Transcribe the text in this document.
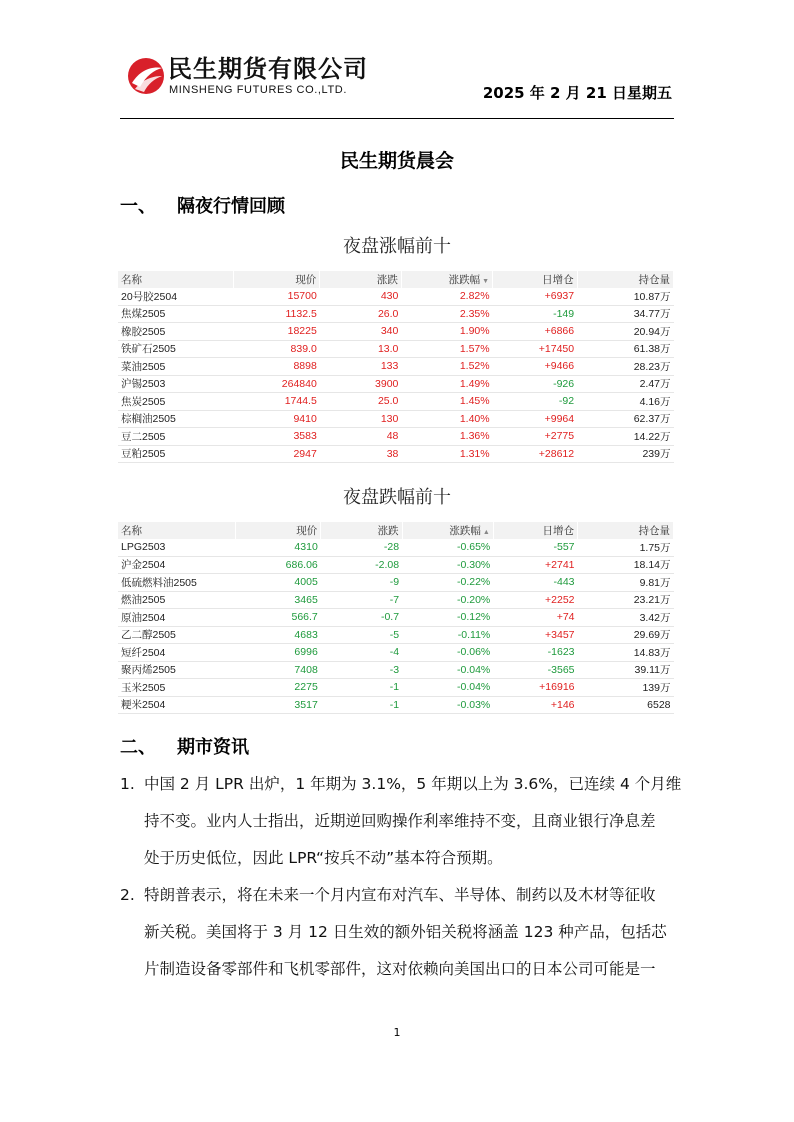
民生期货有限公司
MINSHENG FUTURES CO.,LTD.	2025 年 2 月 21 日星期五
民生期货晨会
一、 隔夜行情回顾
夜盘涨幅前十
名称	现价	涨跌	涨跌幅 ▼	日增仓	持仓量
20号胶2504	15700	430	2.82%	+6937	10.87万
焦煤2505	1132.5	26.0	2.35%	-149	34.77万
橡胶2505	18225	340	1.90%	+6866	20.94万
铁矿石2505	839.0	13.0	1.57%	+17450	61.38万
菜油2505	8898	133	1.52%	+9466	28.23万
沪锡2503	264840	3900	1.49%	-926	2.47万
焦炭2505	1744.5	25.0	1.45%	-92	4.16万
棕榈油2505	9410	130	1.40%	+9964	62.37万
豆二2505	3583	48	1.36%	+2775	14.22万
豆粕2505	2947	38	1.31%	+28612	239万
夜盘跌幅前十
名称	现价	涨跌	涨跌幅 ▲	日增仓	持仓量
LPG2503	4310	-28	-0.65%	-557	1.75万
沪金2504	686.06	-2.08	-0.30%	+2741	18.14万
低硫燃料油2505	4005	-9	-0.22%	-443	9.81万
燃油2505	3465	-7	-0.20%	+2252	23.21万
原油2504	566.7	-0.7	-0.12%	+74	3.42万
乙二醇2505	4683	-5	-0.11%	+3457	29.69万
短纤2504	6996	-4	-0.06%	-1623	14.83万
聚丙烯2505	7408	-3	-0.04%	-3565	39.11万
玉米2505	2275	-1	-0.04%	+16916	139万
粳米2504	3517	-1	-0.03%	+146	6528
二、 期市资讯
1. 中国 2 月 LPR 出炉，1 年期为 3.1%，5 年期以上为 3.6%，已连续 4 个月维
持不变。业内人士指出，近期逆回购操作利率维持不变，且商业银行净息差
处于历史低位，因此 LPR“按兵不动”基本符合预期。
2. 特朗普表示，将在未来一个月内宣布对汽车、半导体、制药以及木材等征收
新关税。美国将于 3 月 12 日生效的额外铝关税将涵盖 123 种产品，包括芯
片制造设备零部件和飞机零部件，这对依赖向美国出口的日本公司可能是一
1
